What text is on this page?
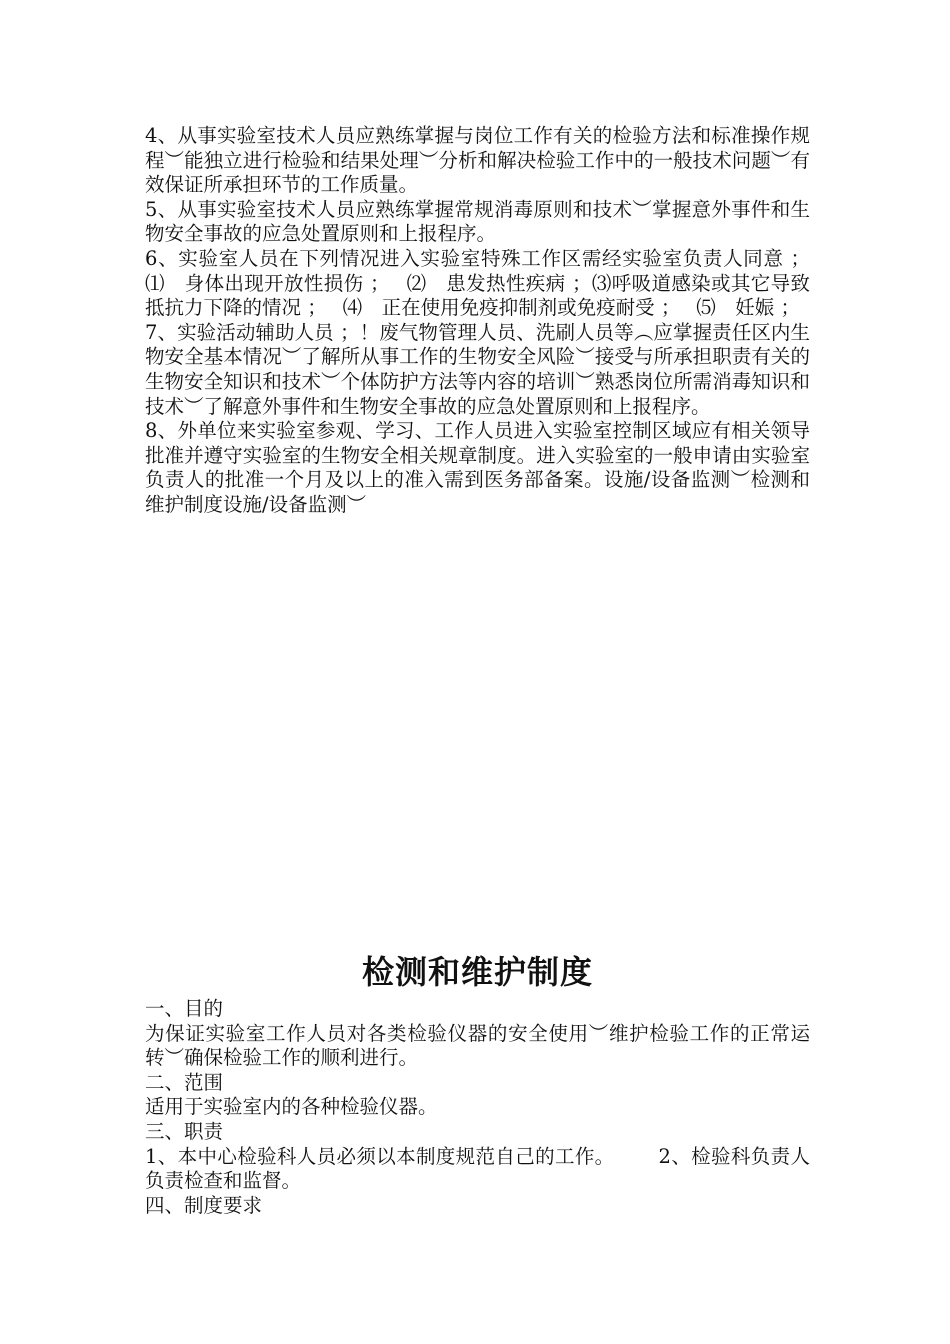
4、从事实验室技术人员应熟练掌握与岗位工作有关的检验方法和标准操作规程︶能独立进行检验和结果处理︶分析和解决检验工作中的一般技术问题︶有效保证所承担环节的工作质量。

5、从事实验室技术人员应熟练掌握常规消毒原则和技术︶掌握意外事件和生物安全事故的应急处置原则和上报程序。

6、实验室人员在下列情况进入实验室特殊工作区需经实验室负责人同意 ； ⑴　身体出现开放性损伤 ；　 ⑵　患发热性疾病 ；⑶呼吸道感染或其它导致抵抗力下降的情况 ；　 ⑷　正在使用免疫抑制剂或免疫耐受 ；　 ⑸　妊娠 ；

7、实验活动辅助人员 ；！废气物管理人员、洗刷人员等︵应掌握责任区内生物安全基本情况︶了解所从事工作的生物安全风险︶接受与所承担职责有关的生物安全知识和技术︶个体防护方法等内容的培训︶熟悉岗位所需消毒知识和技术︶了解意外事件和生物安全事故的应急处置原则和上报程序。

8、外单位来实验室参观、学习、工作人员进入实验室控制区域应有相关领导批准并遵守实验室的生物安全相关规章制度。进入实验室的一般申请由实验室负责人的批准一个月及以上的准入需到医务部备案。设施/设备监测︶检测和维护制度设施/设备监测︶

检测和维护制度

一、目的

为保证实验室工作人员对各类检验仪器的安全使用︶维护检验工作的正常运转︶确保检验工作的顺利进行。

二、范围

适用于实验室内的各种检验仪器。

三、职责

1、本中心检验科人员必须以本制度规范自己的工作。 2、检验科负责人负责检查和监督。

四、制度要求
